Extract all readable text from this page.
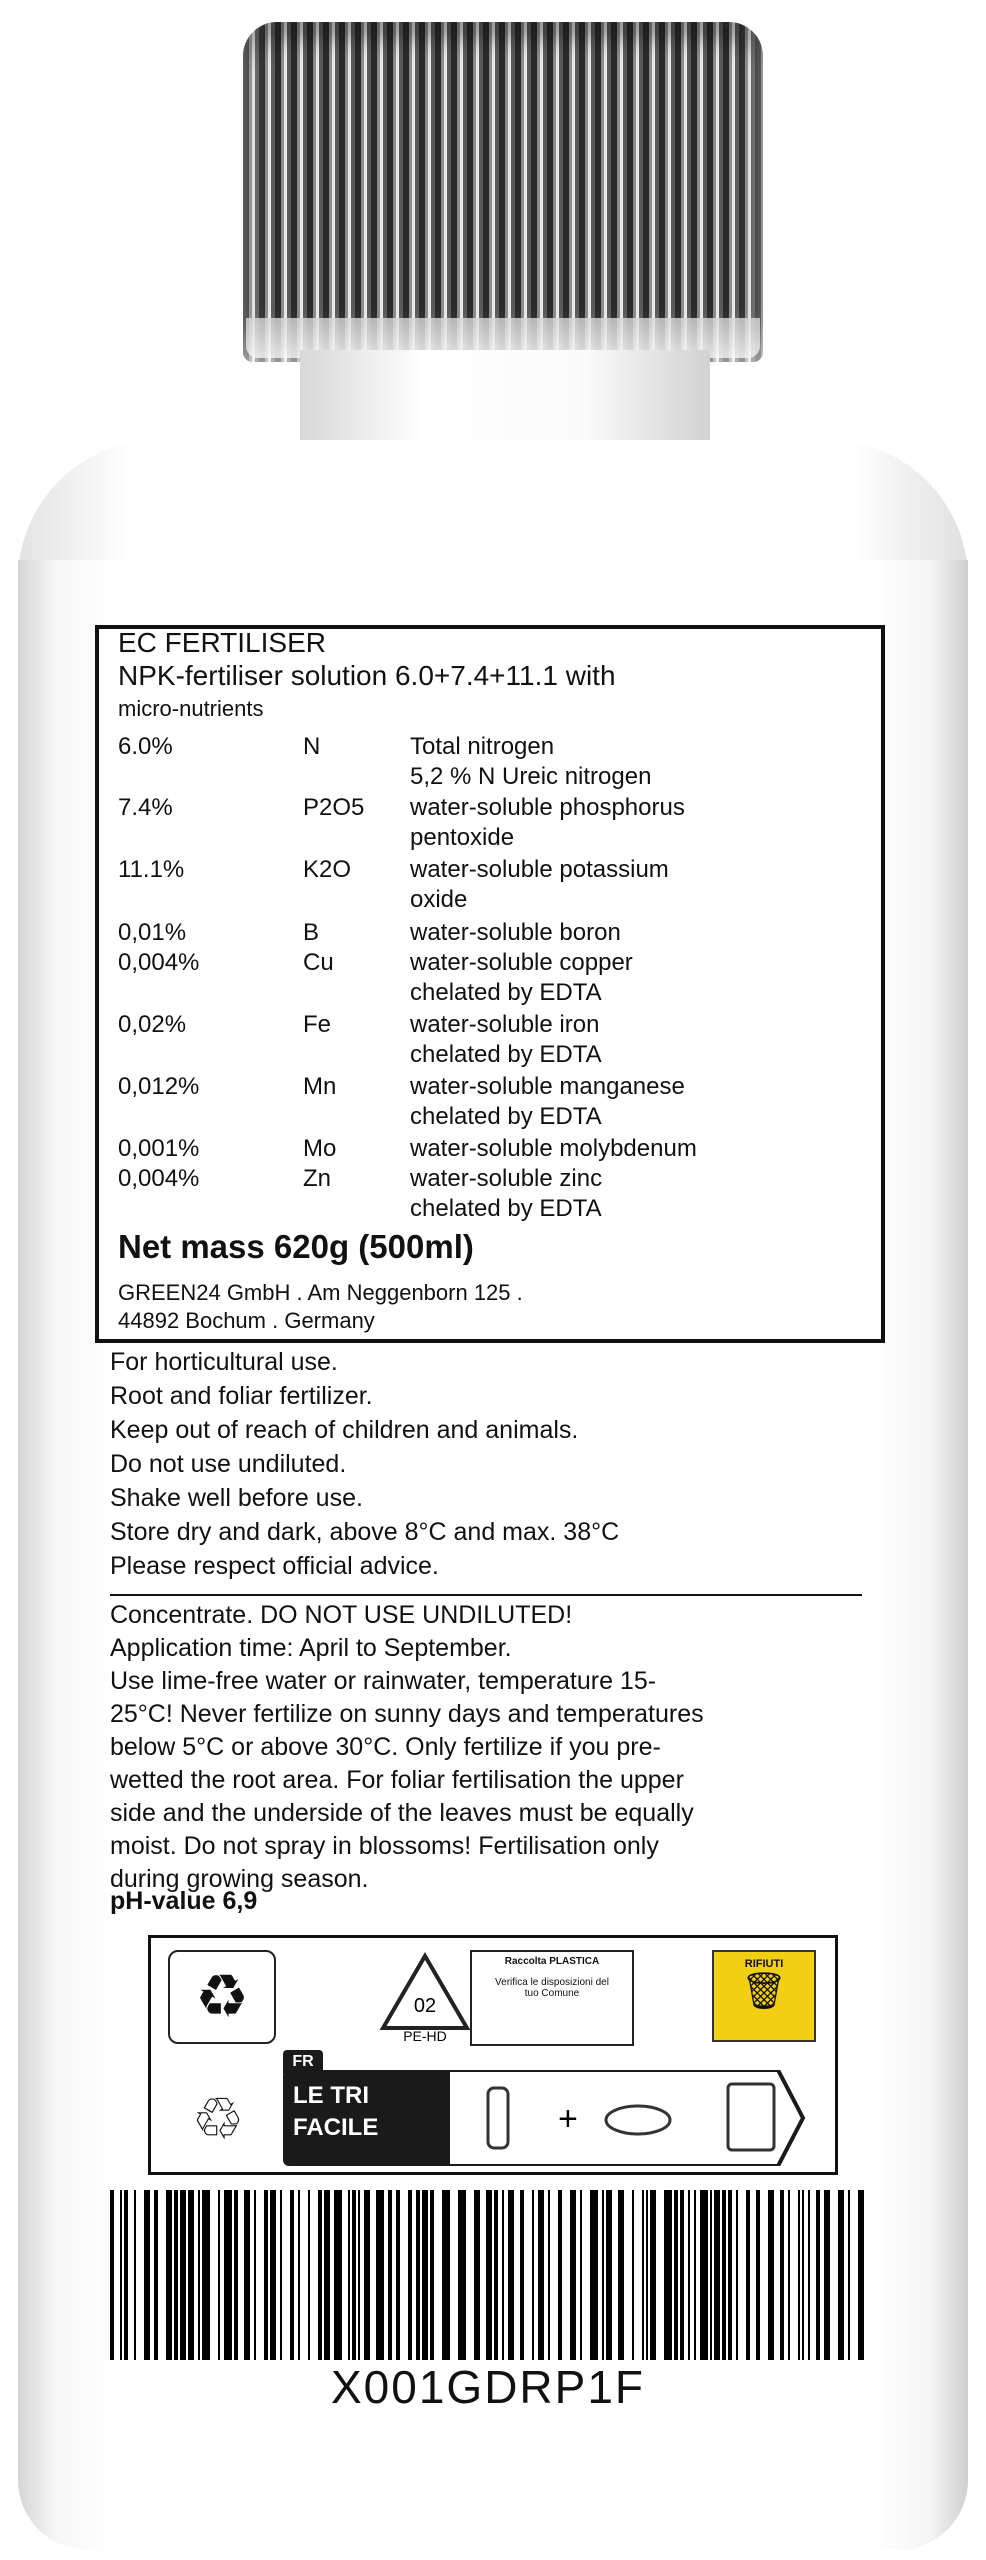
EC FERTILISER
NPK-fertiliser solution 6.0+7.4+11.1 with
micro-nutrients
6.0%	N	Total nitrogen
5,2 % N Ureic nitrogen
7.4%	P2O5 water-soluble phosphorus
pentoxide
11.1%	K2O water-soluble potassium
oxide
0,01%	B	water-soluble boron
0,004%	Cu	water-soluble copper
chelated by EDTA
0,02%	Fe	water-soluble iron
chelated by EDTA
0,012%	Mn	water-soluble manganese
chelated by EDTA
0,001%	Mo	water-soluble molybdenum
0,004%	Zn	water-soluble zinc
chelated by EDTA
Net mass 620g (500ml)
GREEN24 GmbH . Am Neggenborn 125 .
44892 Bochum . Germany
For horticultural use.
Root and foliar fertilizer.
Keep out of reach of children and animals.
Do not use undiluted.
Shake well before use.
Store dry and dark, above 8°C and max. 38°C
Please respect official advice.
Concentrate. DO NOT USE UNDILUTED!
Application time: April to September.
Use lime-free water or rainwater, temperature 15-
25°C! Never fertilize on sunny days and temperatures
below 5°C or above 30°C. Only fertilize if you pre-
wetted the root area. For foliar fertilisation the upper
side and the underside of the leaves must be equally
moist. Do not spray in blossoms! Fertilisation only
during growing season.
pH-value 6,9
♻	02
PE-HD
Raccolta PLASTICA
Verifica le disposizioni del tuo Comune
RIFIUTI
🗑
FR
♲	LE TRI
FACILE	+
X001GDRP1F
